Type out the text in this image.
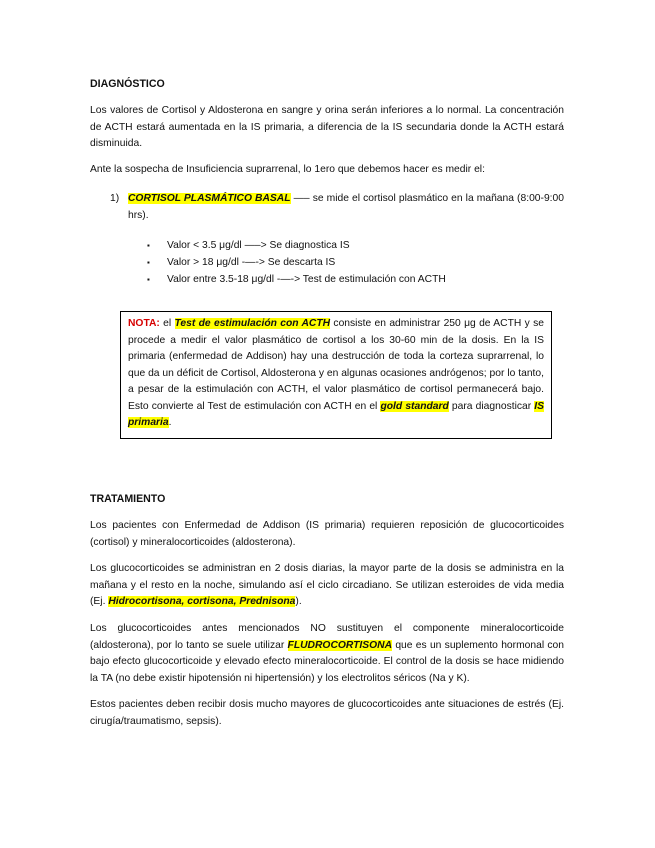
DIAGNÓSTICO

Los valores de Cortisol y Aldosterona en sangre y orina serán inferiores a lo normal. La concentración de ACTH estará aumentada en la IS primaria, a diferencia de la IS secundaria donde la ACTH estará disminuida.

Ante la sospecha de Insuficiencia suprarrenal, lo 1ero que debemos hacer es medir el:

1) CORTISOL PLASMÁTICO BASAL —– se mide el cortisol plasmático en la mañana (8:00-9:00 hrs).

▪ Valor < 3.5 μg/dl —–> Se diagnostica IS
▪ Valor > 18 μg/dl -—-> Se descarta IS
▪ Valor entre 3.5-18 μg/dl -—-> Test de estimulación con ACTH

NOTA: el Test de estimulación con ACTH consiste en administrar 250 μg de ACTH y se procede a medir el valor plasmático de cortisol a los 30-60 min de la dosis. En la IS primaria (enfermedad de Addison) hay una destrucción de toda la corteza suprarrenal, lo que da un déficit de Cortisol, Aldosterona y en algunas ocasiones andrógenos; por lo tanto, a pesar de la estimulación con ACTH, el valor plasmático de cortisol permanecerá bajo. Esto convierte al Test de estimulación con ACTH en el gold standard para diagnosticar IS primaria.

TRATAMIENTO

Los pacientes con Enfermedad de Addison (IS primaria) requieren reposición de glucocorticoides (cortisol) y mineralocorticoides (aldosterona).

Los glucocorticoides se administran en 2 dosis diarias, la mayor parte de la dosis se administra en la mañana y el resto en la noche, simulando así el ciclo circadiano. Se utilizan esteroides de vida media (Ej. Hidrocortisona, cortisona, Prednisona).

Los glucocorticoides antes mencionados NO sustituyen el componente mineralocorticoide (aldosterona), por lo tanto se suele utilizar FLUDROCORTISONA que es un suplemento hormonal con bajo efecto glucocorticoide y elevado efecto mineralocorticoide. El control de la dosis se hace midiendo la TA (no debe existir hipotensión ni hipertensión) y los electrolitos séricos (Na y K).

Estos pacientes deben recibir dosis mucho mayores de glucocorticoides ante situaciones de estrés (Ej. cirugía/traumatismo, sepsis).
